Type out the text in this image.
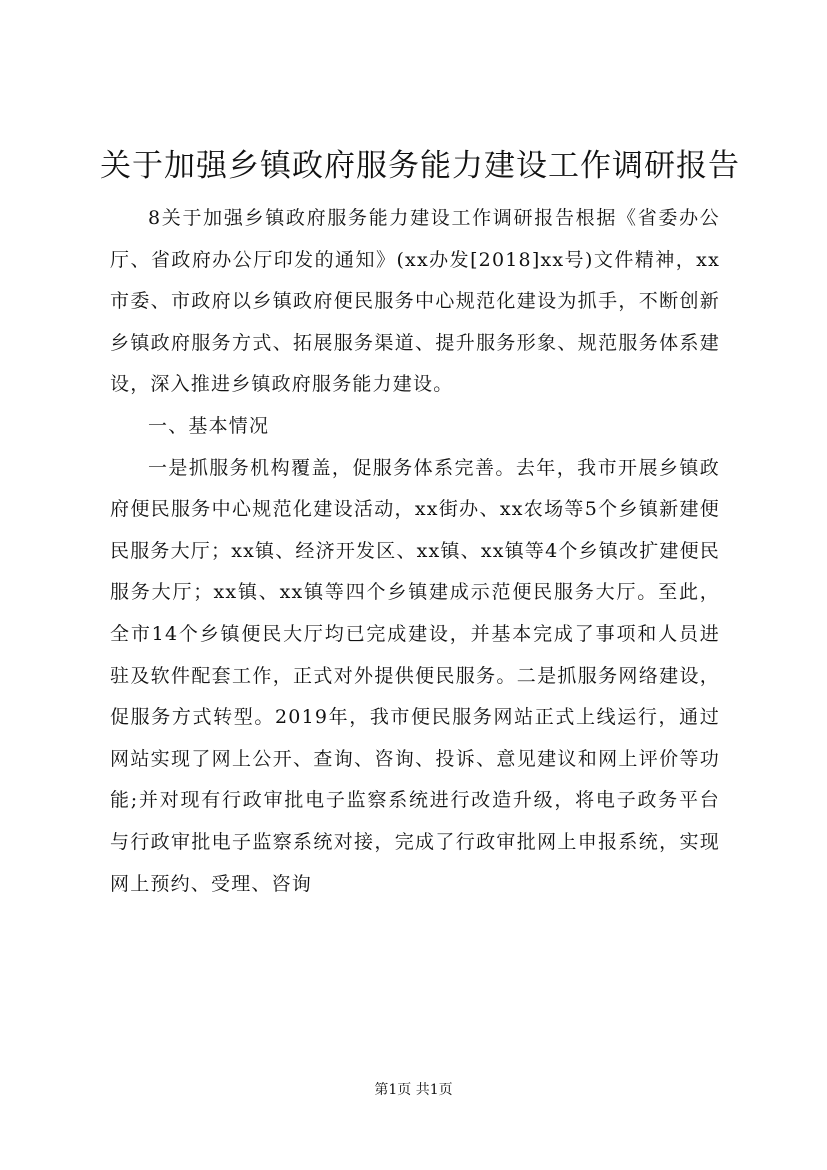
关于加强乡镇政府服务能力建设工作调研报告

8关于加强乡镇政府服务能力建设工作调研报告根据《省委办公厅、省政府办公厅印发的通知》(xx办发[2018]xx号)文件精神，xx市委、市政府以乡镇政府便民服务中心规范化建设为抓手，不断创新乡镇政府服务方式、拓展服务渠道、提升服务形象、规范服务体系建设，深入推进乡镇政府服务能力建设。

一、基本情况

一是抓服务机构覆盖，促服务体系完善。去年，我市开展乡镇政府便民服务中心规范化建设活动，xx街办、xx农场等5个乡镇新建便民服务大厅；xx镇、经济开发区、xx镇、xx镇等4个乡镇改扩建便民服务大厅；xx镇、xx镇等四个乡镇建成示范便民服务大厅。至此，全市14个乡镇便民大厅均已完成建设，并基本完成了事项和人员进驻及软件配套工作，正式对外提供便民服务。二是抓服务网络建设，促服务方式转型。2019年，我市便民服务网站正式上线运行，通过网站实现了网上公开、查询、咨询、投诉、意见建议和网上评价等功能;并对现有行政审批电子监察系统进行改造升级，将电子政务平台与行政审批电子监察系统对接，完成了行政审批网上申报系统，实现网上预约、受理、咨询

第1页 共1页
